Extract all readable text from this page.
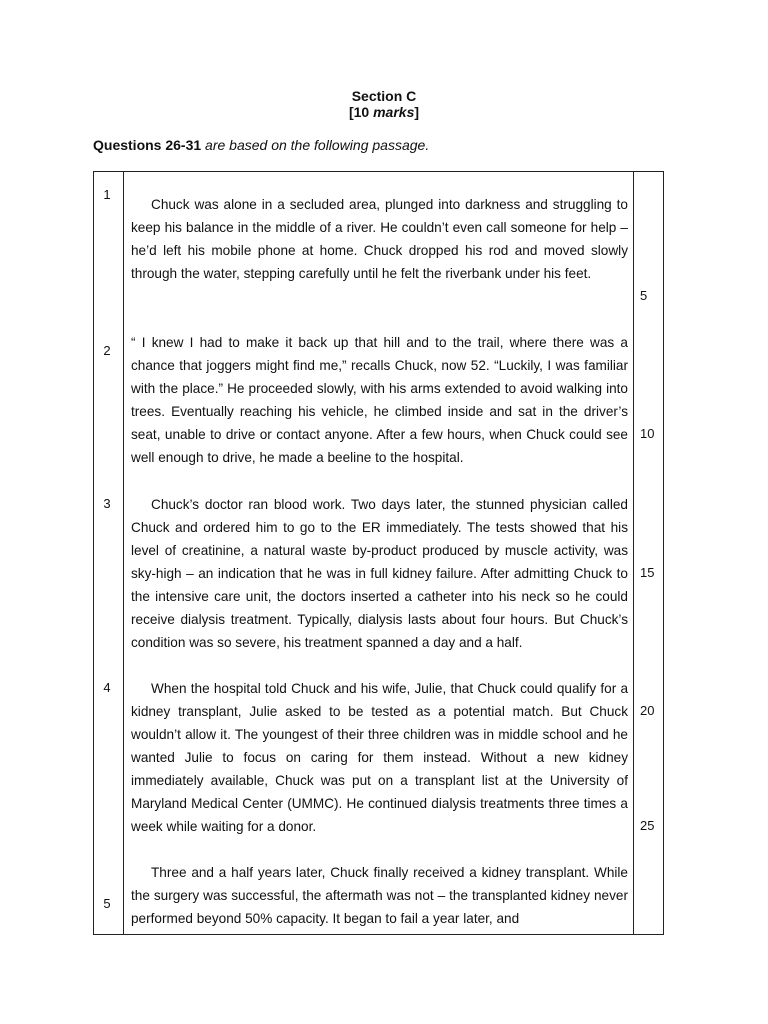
Section C
[10 marks]
Questions 26-31 are based on the following passage.
1
2
3
4
5
5
10
15
20
25

Chuck was alone in a secluded area, plunged into darkness and struggling to keep his balance in the middle of a river. He couldn’t even call someone for help – he’d left his mobile phone at home. Chuck dropped his rod and moved slowly through the water, stepping carefully until he felt the riverbank under his feet.

“ I knew I had to make it back up that hill and to the trail, where there was a chance that joggers might find me,” recalls Chuck, now 52. “Luckily, I was familiar with the place.” He proceeded slowly, with his arms extended to avoid walking into trees. Eventually reaching his vehicle, he climbed inside and sat in the driver’s seat, unable to drive or contact anyone. After a few hours, when Chuck could see well enough to drive, he made a beeline to the hospital.

Chuck’s doctor ran blood work. Two days later, the stunned physician called Chuck and ordered him to go to the ER immediately. The tests showed that his level of creatinine, a natural waste by-product produced by muscle activity, was sky-high – an indication that he was in full kidney failure. After admitting Chuck to the intensive care unit, the doctors inserted a catheter into his neck so he could receive dialysis treatment. Typically, dialysis lasts about four hours. But Chuck’s condition was so severe, his treatment spanned a day and a half.

When the hospital told Chuck and his wife, Julie, that Chuck could qualify for a kidney transplant, Julie asked to be tested as a potential match. But Chuck wouldn’t allow it. The youngest of their three children was in middle school and he wanted Julie to focus on caring for them instead. Without a new kidney immediately available, Chuck was put on a transplant list at the University of Maryland Medical Center (UMMC). He continued dialysis treatments three times a week while waiting for a donor.

Three and a half years later, Chuck finally received a kidney transplant. While the surgery was successful, the aftermath was not – the transplanted kidney never performed beyond 50% capacity. It began to fail a year later, and
